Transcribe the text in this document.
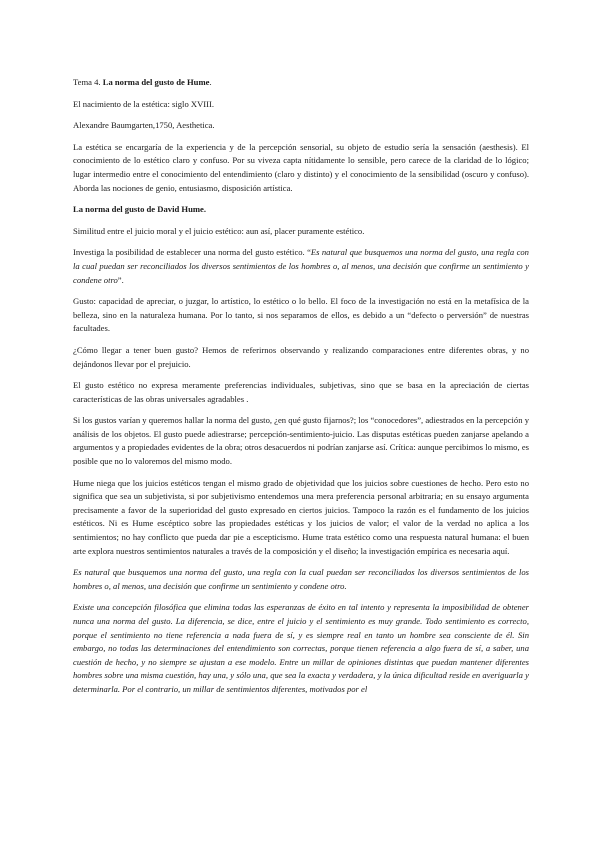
Tema 4. La norma del gusto de Hume.

El nacimiento de la estética: siglo XVIII.

Alexandre Baumgarten,1750, Aesthetica.

La estética se encargaría de la experiencia y de la percepción sensorial, su objeto de estudio sería la sensación (aesthesis). El conocimiento de lo estético claro y confuso. Por su viveza capta nítidamente lo sensible, pero carece de la claridad de lo lógico; lugar intermedio entre el conocimiento del entendimiento (claro y distinto) y el conocimiento de la sensibilidad (oscuro y confuso). Aborda las nociones de genio, entusiasmo, disposición artística.

La norma del gusto de David Hume.

Similitud entre el juicio moral y el juicio estético: aun así, placer puramente estético.

Investiga la posibilidad de establecer una norma del gusto estético. “Es natural que busquemos una norma del gusto, una regla con la cual puedan ser reconciliados los diversos sentimientos de los hombres o, al menos, una decisión que confirme un sentimiento y condene otro”.

Gusto: capacidad de apreciar, o juzgar, lo artístico, lo estético o lo bello. El foco de la investigación no está en la metafísica de la belleza, sino en la naturaleza humana. Por lo tanto, si nos separamos de ellos, es debido a un “defecto o perversión” de nuestras facultades.

¿Cómo llegar a tener buen gusto? Hemos de referirnos observando y realizando comparaciones entre diferentes obras, y no dejándonos llevar por el prejuicio.

El gusto estético no expresa meramente preferencias individuales, subjetivas, sino que se basa en la apreciación de ciertas características de las obras universales agradables .

Si los gustos varían y queremos hallar la norma del gusto, ¿en qué gusto fijarnos?; los “conocedores”, adiestrados en la percepción y análisis de los objetos. El gusto puede adiestrarse; percepción-sentimiento-juicio. Las disputas estéticas pueden zanjarse apelando a argumentos y a propiedades evidentes de la obra; otros desacuerdos ni podrían zanjarse así. Crítica: aunque percibimos lo mismo, es posible que no lo valoremos del mismo modo.

Hume niega que los juicios estéticos tengan el mismo grado de objetividad que los juicios sobre cuestiones de hecho. Pero esto no significa que sea un subjetivista, si por subjetivismo entendemos una mera preferencia personal arbitraria; en su ensayo argumenta precisamente a favor de la superioridad del gusto expresado en ciertos juicios. Tampoco la razón es el fundamento de los juicios estéticos. Ni es Hume escéptico sobre las propiedades estéticas y los juicios de valor; el valor de la verdad no aplica a los sentimientos; no hay conflicto que pueda dar pie a escepticismo. Hume trata estético como una respuesta natural humana: el buen arte explora nuestros sentimientos naturales a través de la composición y el diseño; la investigación empírica es necesaria aquí.

Es natural que busquemos una norma del gusto, una regla con la cual puedan ser reconciliados los diversos sentimientos de los hombres o, al menos, una decisión que confirme un sentimiento y condene otro.

Existe una concepción filosófica que elimina todas las esperanzas de éxito en tal intento y representa la imposibilidad de obtener nunca una norma del gusto. La diferencia, se dice, entre el juicio y el sentimiento es muy grande. Todo sentimiento es correcto, porque el sentimiento no tiene referencia a nada fuera de sí, y es siempre real en tanto un hombre sea consciente de él. Sin embargo, no todas las determinaciones del entendimiento son correctas, porque tienen referencia a algo fuera de sí, a saber, una cuestión de hecho, y no siempre se ajustan a ese modelo. Entre un millar de opiniones distintas que puedan mantener diferentes hombres sobre una misma cuestión, hay una, y sólo una, que sea la exacta y verdadera, y la única dificultad reside en averiguarla y determinarla. Por el contrario, un millar de sentimientos diferentes, motivados por el
